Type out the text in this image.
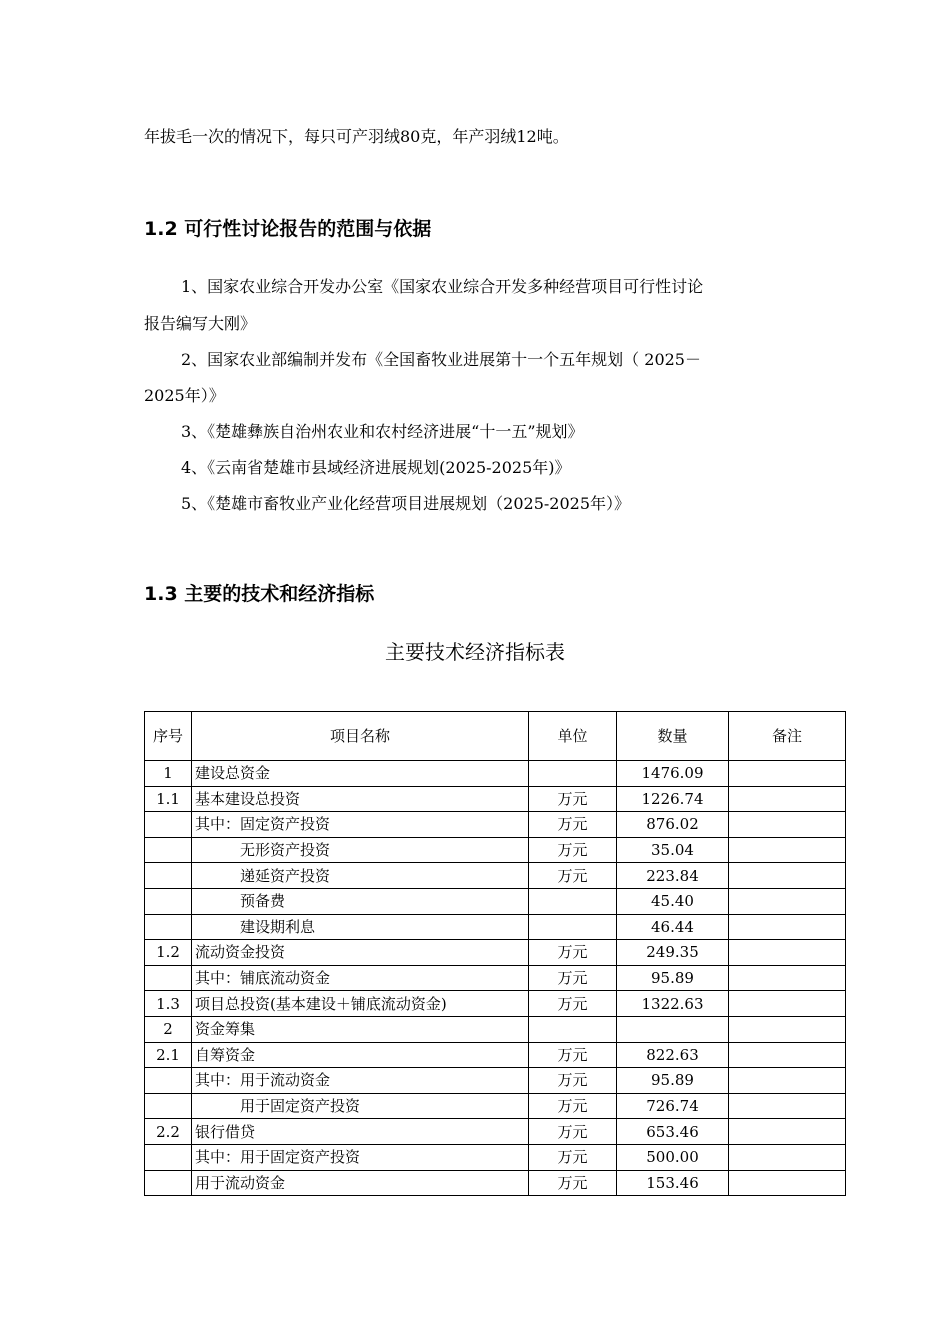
年拔毛一次的情况下，每只可产羽绒80克，年产羽绒12吨。
1.2 可行性讨论报告的范围与依据
1、国家农业综合开发办公室《国家农业综合开发多种经营项目可行性讨论
报告编写大刚》
2、国家农业部编制并发布《全国畜牧业进展第十一个五年规划（ 2025－
2025年）》
3、《楚雄彝族自治州农业和农村经济进展“十一五”规划》
4、《云南省楚雄市县域经济进展规划(2025-2025年)》
5、《楚雄市畜牧业产业化经营项目进展规划（2025-2025年）》
1.3 主要的技术和经济指标
主要技术经济指标表
序号	项目名称	单位	数量	备注
1	建设总资金		1476.09	
1.1	基本建设总投资	万元	1226.74	
	其中：固定资产投资	万元	876.02	
	无形资产投资	万元	35.04	
	递延资产投资	万元	223.84	
	预备费		45.40	
	建设期利息		46.44	
1.2	流动资金投资	万元	249.35	
	其中：铺底流动资金	万元	95.89	
1.3	项目总投资(基本建设＋铺底流动资金)	万元	1322.63	
2	资金筹集			
2.1	自筹资金	万元	822.63	
	其中：用于流动资金	万元	95.89	
	用于固定资产投资	万元	726.74	
2.2	银行借贷	万元	653.46	
	其中：用于固定资产投资	万元	500.00	
	用于流动资金	万元	153.46	
